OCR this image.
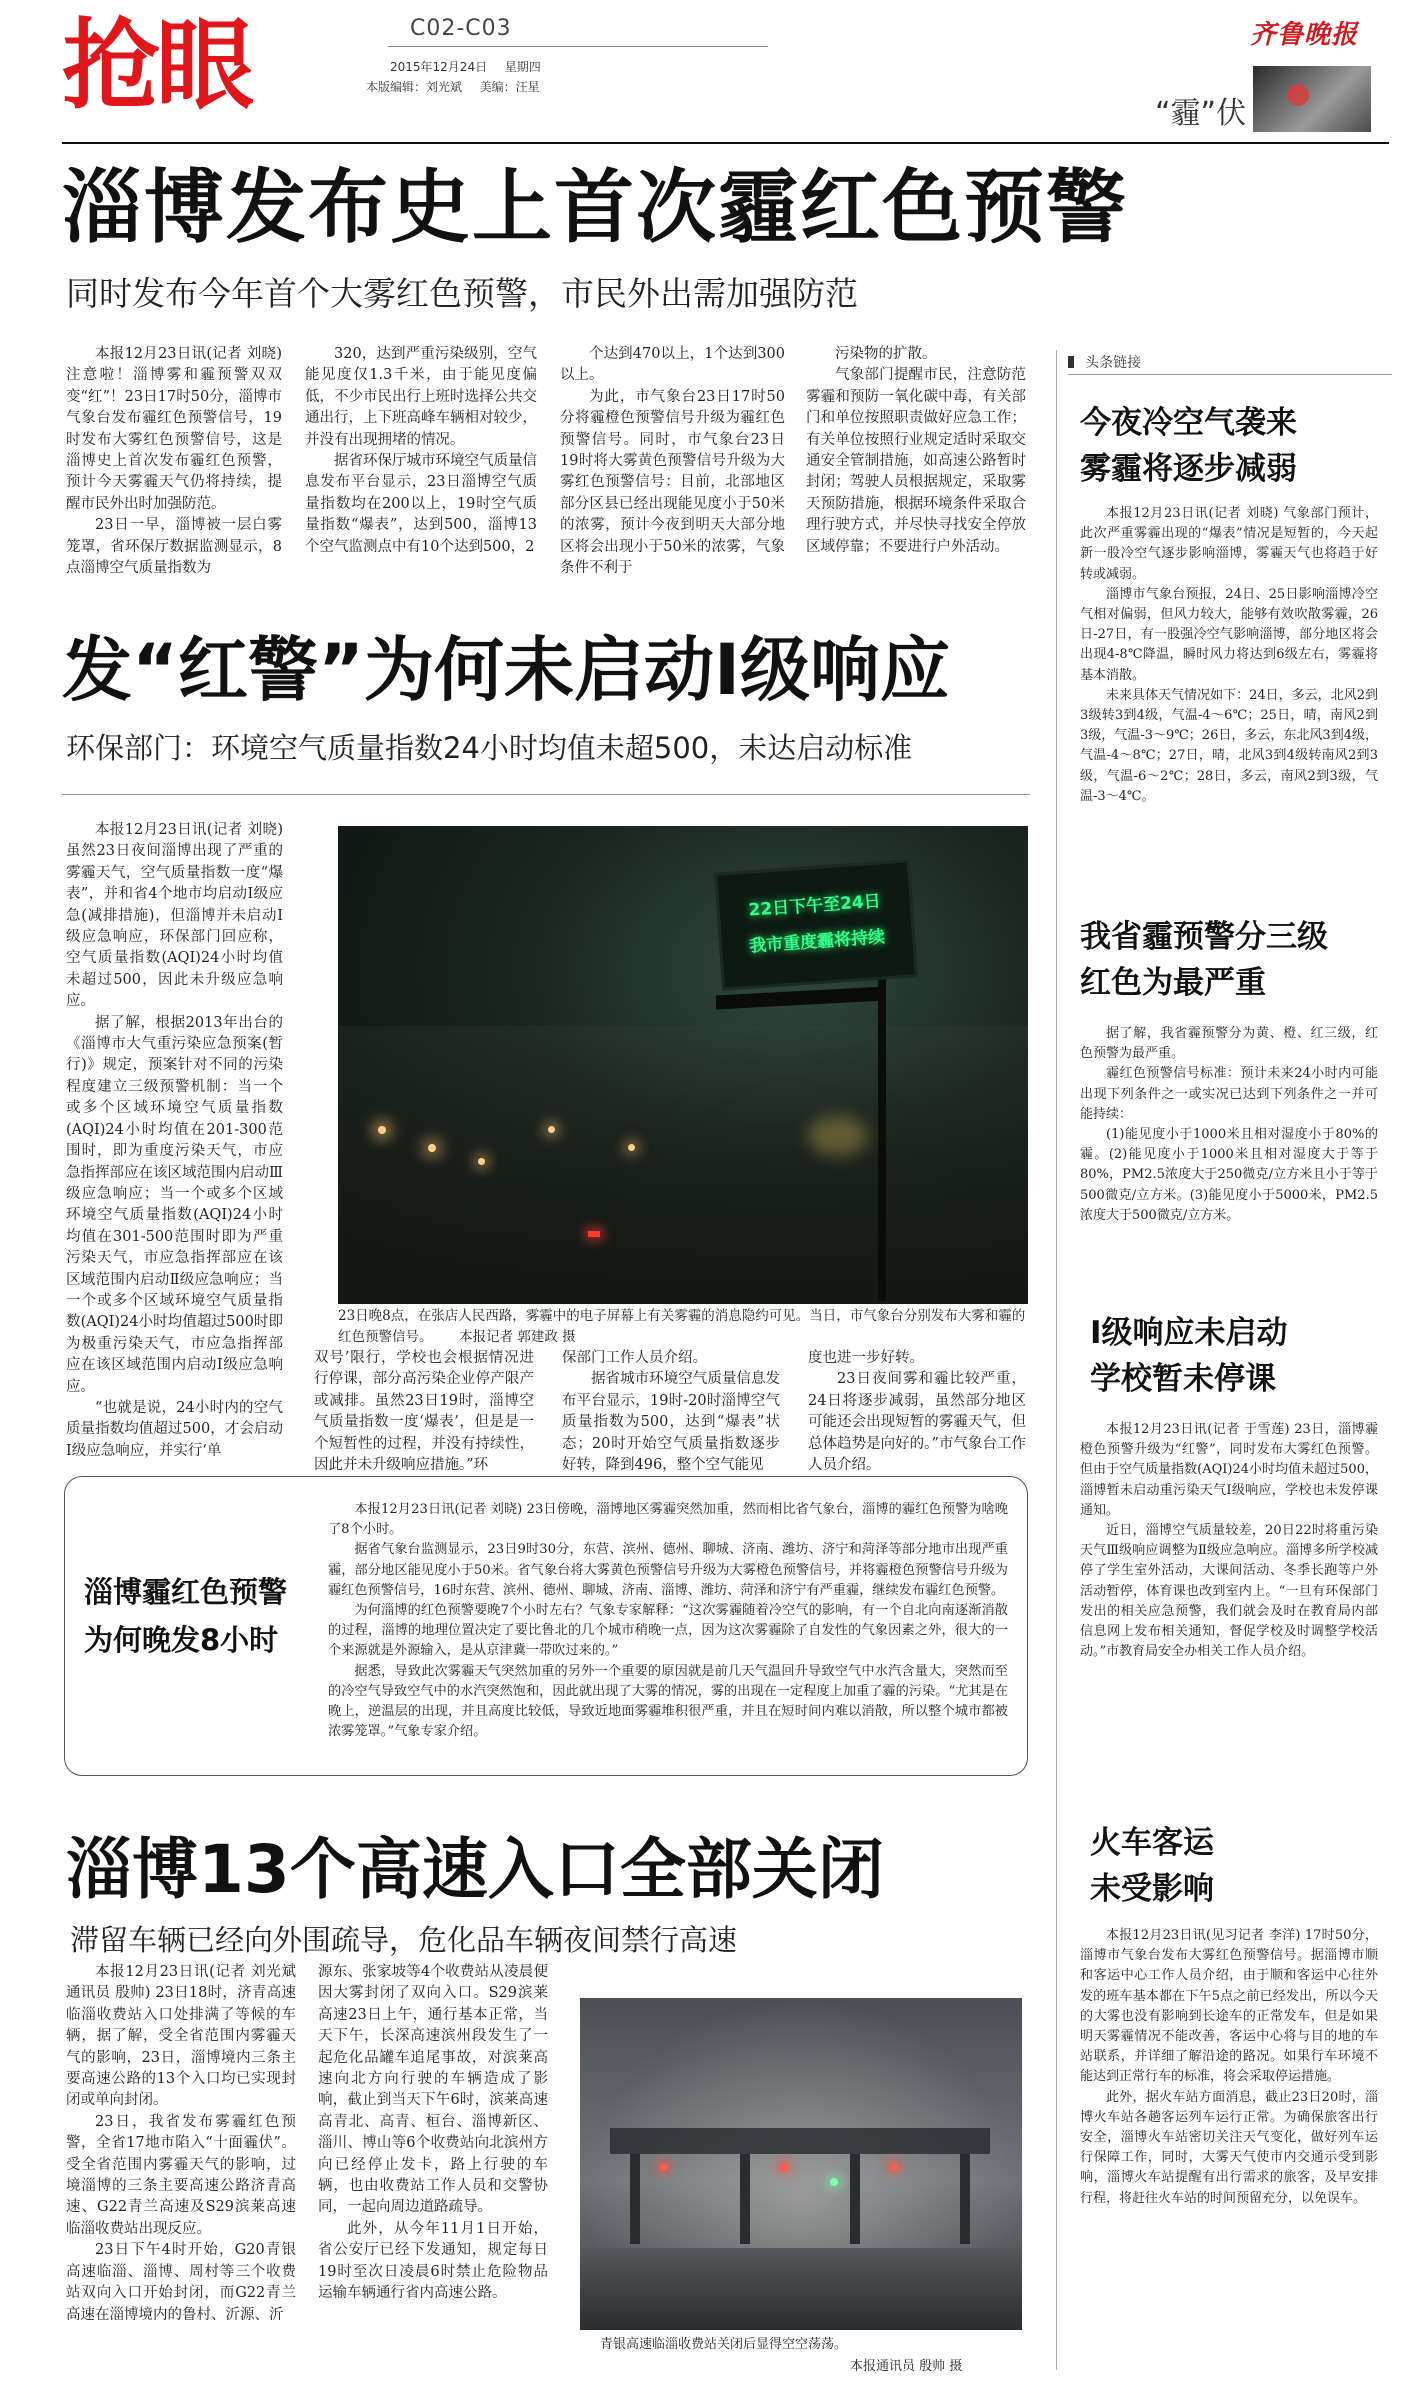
抢眼	C02-C03
2015年12月24日 星期四
本版编辑：刘光斌 美编：汪星
齐鲁晚报
“霾”伏
淄博发布史上首次霾红色预警
同时发布今年首个大雾红色预警，市民外出需加强防范

本报12月23日讯(记者 刘晓) 注意啦！淄博雾和霾预警双双变“红”！23日17时50分，淄博市气象台发布霾红色预警信号，19时发布大雾红色预警信号，这是淄博史上首次发布霾红色预警，预计今天雾霾天气仍将持续，提醒市民外出时加强防范。

23日一早，淄博被一层白雾笼罩，省环保厅数据监测显示，8点淄博空气质量指数为

320，达到严重污染级别，空气能见度仅1.3千米，由于能见度偏低，不少市民出行上班时选择公共交通出行，上下班高峰车辆相对较少，并没有出现拥堵的情况。

据省环保厅城市环境空气质量信息发布平台显示，23日淄博空气质量指数均在200以上，19时空气质量指数“爆表”，达到500，淄博13个空气监测点中有10个达到500，2

个达到470以上，1个达到300以上。

为此，市气象台23日17时50分将霾橙色预警信号升级为霾红色预警信号。同时，市气象台23日19时将大雾黄色预警信号升级为大雾红色预警信号：目前，北部地区部分区县已经出现能见度小于50米的浓雾，预计今夜到明天大部分地区将会出现小于50米的浓雾，气象条件不利于

污染物的扩散。

气象部门提醒市民，注意防范雾霾和预防一氧化碳中毒，有关部门和单位按照职责做好应急工作；有关单位按照行业规定适时采取交通安全管制措施，如高速公路暂时封闭；驾驶人员根据规定，采取雾天预防措施，根据环境条件采取合理行驶方式，并尽快寻找安全停放区域停靠；不要进行户外活动。

发“红警”为何未启动Ⅰ级响应
环保部门：环境空气质量指数24小时均值未超500，未达启动标准

本报12月23日讯(记者 刘晓) 虽然23日夜间淄博出现了严重的雾霾天气，空气质量指数一度“爆表”，并和省4个地市均启动Ⅰ级应急(减排措施)，但淄博并未启动Ⅰ级应急响应，环保部门回应称，空气质量指数(AQI)24小时均值未超过500，因此未升级应急响应。

据了解，根据2013年出台的《淄博市大气重污染应急预案(暂行)》规定，预案针对不同的污染程度建立三级预警机制：当一个或多个区域环境空气质量指数(AQI)24小时均值在201-300范围时，即为重度污染天气，市应急指挥部应在该区域范围内启动Ⅲ级应急响应；当一个或多个区域环境空气质量指数(AQI)24小时均值在301-500范围时即为严重污染天气，市应急指挥部应在该区域范围内启动Ⅱ级应急响应；当一个或多个区域环境空气质量指数(AQI)24小时均值超过500时即为极重污染天气，市应急指挥部应在该区域范围内启动Ⅰ级应急响应。

“也就是说，24小时内的空气质量指数均值超过500，才会启动Ⅰ级应急响应，并实行‘单

22日下午至24日
我市重度霾将持续
23日晚8点，在张店人民西路，雾霾中的电子屏幕上有关雾霾的消息隐约可见。当日，市气象台分别发布大雾和霾的红色预警信号。 本报记者 郭建政 摄

双号’限行，学校也会根据情况进行停课，部分高污染企业停产限产或减排。虽然23日19时，淄博空气质量指数一度‘爆表’，但是是一个短暂性的过程，并没有持续性，因此并未升级响应措施。”环

保部门工作人员介绍。

据省城市环境空气质量信息发布平台显示，19时-20时淄博空气质量指数为500，达到“爆表”状态；20时开始空气质量指数逐步好转，降到496，整个空气能见

度也进一步好转。

23日夜间雾和霾比较严重，24日将逐步减弱，虽然部分地区可能还会出现短暂的雾霾天气，但总体趋势是向好的。”市气象台工作人员介绍。

淄博霾红色预警
为何晚发8小时

本报12月23日讯(记者 刘晓) 23日傍晚，淄博地区雾霾突然加重，然而相比省气象台，淄博的霾红色预警为啥晚了8个小时。

据省气象台监测显示，23日9时30分，东营、滨州、德州、聊城、济南、潍坊、济宁和菏泽等部分地市出现严重霾，部分地区能见度小于50米。省气象台将大雾黄色预警信号升级为大雾橙色预警信号，并将霾橙色预警信号升级为霾红色预警信号，16时东营、滨州、德州、聊城、济南、淄博、潍坊、菏泽和济宁有严重霾，继续发布霾红色预警。

为何淄博的红色预警要晚7个小时左右？气象专家解释：“这次雾霾随着冷空气的影响，有一个自北向南逐渐消散的过程，淄博的地理位置决定了要比鲁北的几个城市稍晚一点，因为这次雾霾除了自发性的气象因素之外，很大的一个来源就是外源输入，是从京津冀一带吹过来的。”

据悉，导致此次雾霾天气突然加重的另外一个重要的原因就是前几天气温回升导致空气中水汽含量大，突然而至的冷空气导致空气中的水汽突然饱和，因此就出现了大雾的情况，雾的出现在一定程度上加重了霾的污染。“尤其是在晚上，逆温层的出现，并且高度比较低，导致近地面雾霾堆积很严重，并且在短时间内难以消散，所以整个城市都被浓雾笼罩。”气象专家介绍。

淄博13个高速入口全部关闭
滞留车辆已经向外围疏导，危化品车辆夜间禁行高速

本报12月23日讯(记者 刘光斌 通讯员 殷帅) 23日18时，济青高速临淄收费站入口处排满了等候的车辆，据了解，受全省范围内雾霾天气的影响，23日，淄博境内三条主要高速公路的13个入口均已实现封闭或单向封闭。

23日，我省发布雾霾红色预警，全省17地市陷入“十面霾伏”。受全省范围内雾霾天气的影响，过境淄博的三条主要高速公路济青高速、G22青兰高速及S29滨莱高速临淄收费站出现反应。

23日下午4时开始，G20青银高速临淄、淄博、周村等三个收费站双向入口开始封闭，而G22青兰高速在淄博境内的鲁村、沂源、沂

源东、张家坡等4个收费站从凌晨便因大雾封闭了双向入口。S29滨莱高速23日上午，通行基本正常，当天下午，长深高速滨州段发生了一起危化品罐车追尾事故，对滨莱高速向北方向行驶的车辆造成了影响，截止到当天下午6时，滨莱高速高青北、高青、桓台、淄博新区、淄川、博山等6个收费站向北滨州方向已经停止发卡，路上行驶的车辆，也由收费站工作人员和交警协同，一起向周边道路疏导。

此外，从今年11月1日开始，省公安厅已经下发通知，规定每日19时至次日凌晨6时禁止危险物品运输车辆通行省内高速公路。

青银高速临淄收费站关闭后显得空空荡荡。
本报通讯员 殷帅 摄
头条链接
今夜冷空气袭来
雾霾将逐步减弱

本报12月23日讯(记者 刘晓) 气象部门预计，此次严重雾霾出现的“爆表”情况是短暂的，今天起新一股冷空气逐步影响淄博，雾霾天气也将趋于好转或减弱。

淄博市气象台预报，24日、25日影响淄博冷空气相对偏弱，但风力较大，能够有效吹散雾霾，26日-27日，有一股强冷空气影响淄博，部分地区将会出现4-8℃降温，瞬时风力将达到6级左右，雾霾将基本消散。

未来具体天气情况如下：24日，多云，北风2到3级转3到4级，气温-4～6℃；25日，晴，南风2到3级，气温-3～9℃；26日，多云，东北风3到4级，气温-4～8℃；27日，晴，北风3到4级转南风2到3级，气温-6～2℃；28日，多云，南风2到3级，气温-3～4℃。

我省霾预警分三级
红色为最严重

据了解，我省霾预警分为黄、橙、红三级，红色预警为最严重。

霾红色预警信号标准：预计未来24小时内可能出现下列条件之一或实况已达到下列条件之一并可能持续：

(1)能见度小于1000米且相对湿度小于80%的霾。(2)能见度小于1000米且相对湿度大于等于80%，PM2.5浓度大于250微克/立方米且小于等于500微克/立方米。(3)能见度小于5000米，PM2.5浓度大于500微克/立方米。

Ⅰ级响应未启动
学校暂未停课

本报12月23日讯(记者 于雪莲) 23日，淄博霾橙色预警升级为“红警”，同时发布大雾红色预警。但由于空气质量指数(AQI)24小时均值未超过500，淄博暂未启动重污染天气Ⅰ级响应，学校也未发停课通知。

近日，淄博空气质量较差，20日22时将重污染天气Ⅲ级响应调整为Ⅱ级应急响应。淄博多所学校减停了学生室外活动，大课间活动、冬季长跑等户外活动暂停，体育课也改到室内上。“一旦有环保部门发出的相关应急预警，我们就会及时在教育局内部信息网上发布相关通知，督促学校及时调整学校活动。”市教育局安全办相关工作人员介绍。

火车客运
未受影响

本报12月23日讯(见习记者 李洋) 17时50分，淄博市气象台发布大雾红色预警信号。据淄博市顺和客运中心工作人员介绍，由于顺和客运中心往外发的班车基本都在下午5点之前已经发出，所以今天的大雾也没有影响到长途车的正常发车，但是如果明天雾霾情况不能改善，客运中心将与目的地的车站联系，并详细了解沿途的路况。如果行车环境不能达到正常行车的标准，将会采取停运措施。

此外，据火车站方面消息，截止23日20时，淄博火车站各趟客运列车运行正常。为确保旅客出行安全，淄博火车站密切关注天气变化，做好列车运行保障工作，同时，大雾天气使市内交通示受到影响，淄博火车站提醒有出行需求的旅客，及早安排行程，将赶往火车站的时间预留充分，以免误车。
